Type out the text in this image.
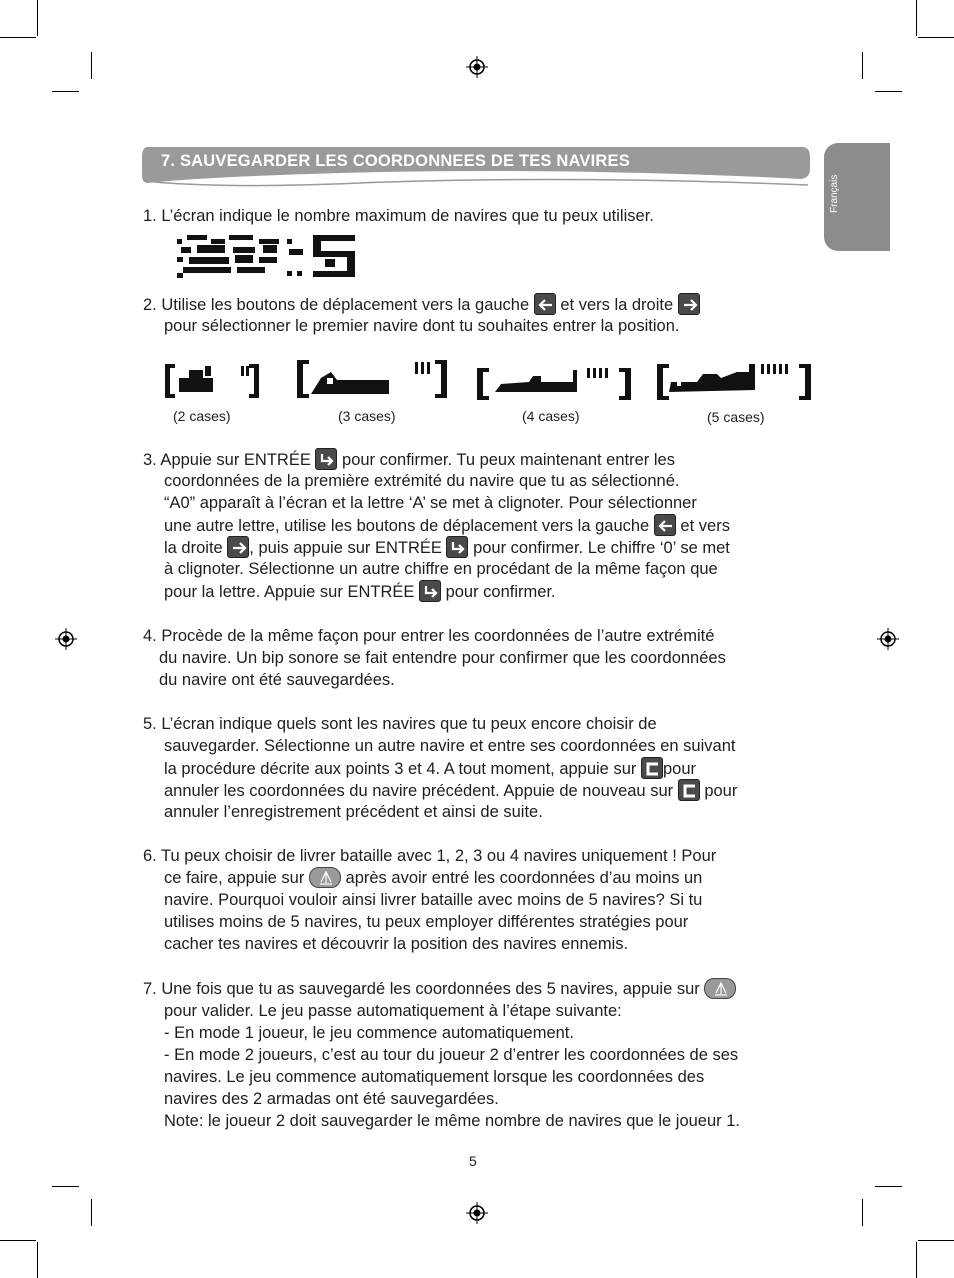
Français
7. SAUVEGARDER LES COORDONNEES DE TES NAVIRES
1. L’écran indique le nombre maximum de navires que tu peux utiliser.
2. Utilise les boutons de déplacement vers la gauche et vers la droite
pour sélectionner le premier navire dont tu souhaites entrer la position.
(2 cases)	(3 cases)	(4 cases)	(5 cases)
3. Appuie sur ENTRÉE pour confirmer. Tu peux maintenant entrer les
coordonnées de la première extrémité du navire que tu as sélectionné.
“A0” apparaît à l’écran et la lettre ‘A’ se met à clignoter. Pour sélectionner
une autre lettre, utilise les boutons de déplacement vers la gauche et vers
la droite , puis appuie sur ENTRÉE pour confirmer. Le chiffre ‘0’ se met
à clignoter. Sélectionne un autre chiffre en procédant de la même façon que
pour la lettre. Appuie sur ENTRÉE pour confirmer.
4. Procède de la même façon pour entrer les coordonnées de l’autre extrémité
du navire. Un bip sonore se fait entendre pour confirmer que les coordonnées
du navire ont été sauvegardées.
5. L’écran indique quels sont les navires que tu peux encore choisir de
sauvegarder. Sélectionne un autre navire et entre ses coordonnées en suivant
la procédure décrite aux points 3 et 4. A tout moment, appuie sur pour
annuler les coordonnées du navire précédent. Appuie de nouveau sur pour
annuler l’enregistrement précédent et ainsi de suite.
6. Tu peux choisir de livrer bataille avec 1, 2, 3 ou 4 navires uniquement ! Pour
ce faire, appuie sur après avoir entré les coordonnées d’au moins un
navire. Pourquoi vouloir ainsi livrer bataille avec moins de 5 navires? Si tu
utilises moins de 5 navires, tu peux employer différentes stratégies pour
cacher tes navires et découvrir la position des navires ennemis.
7. Une fois que tu as sauvegardé les coordonnées des 5 navires, appuie sur
pour valider. Le jeu passe automatiquement à l’étape suivante:
- En mode 1 joueur, le jeu commence automatiquement.
- En mode 2 joueurs, c’est au tour du joueur 2 d’entrer les coordonnées de ses
navires. Le jeu commence automatiquement lorsque les coordonnées des
navires des 2 armadas ont été sauvegardées.
Note: le joueur 2 doit sauvegarder le même nombre de navires que le joueur 1.
5
